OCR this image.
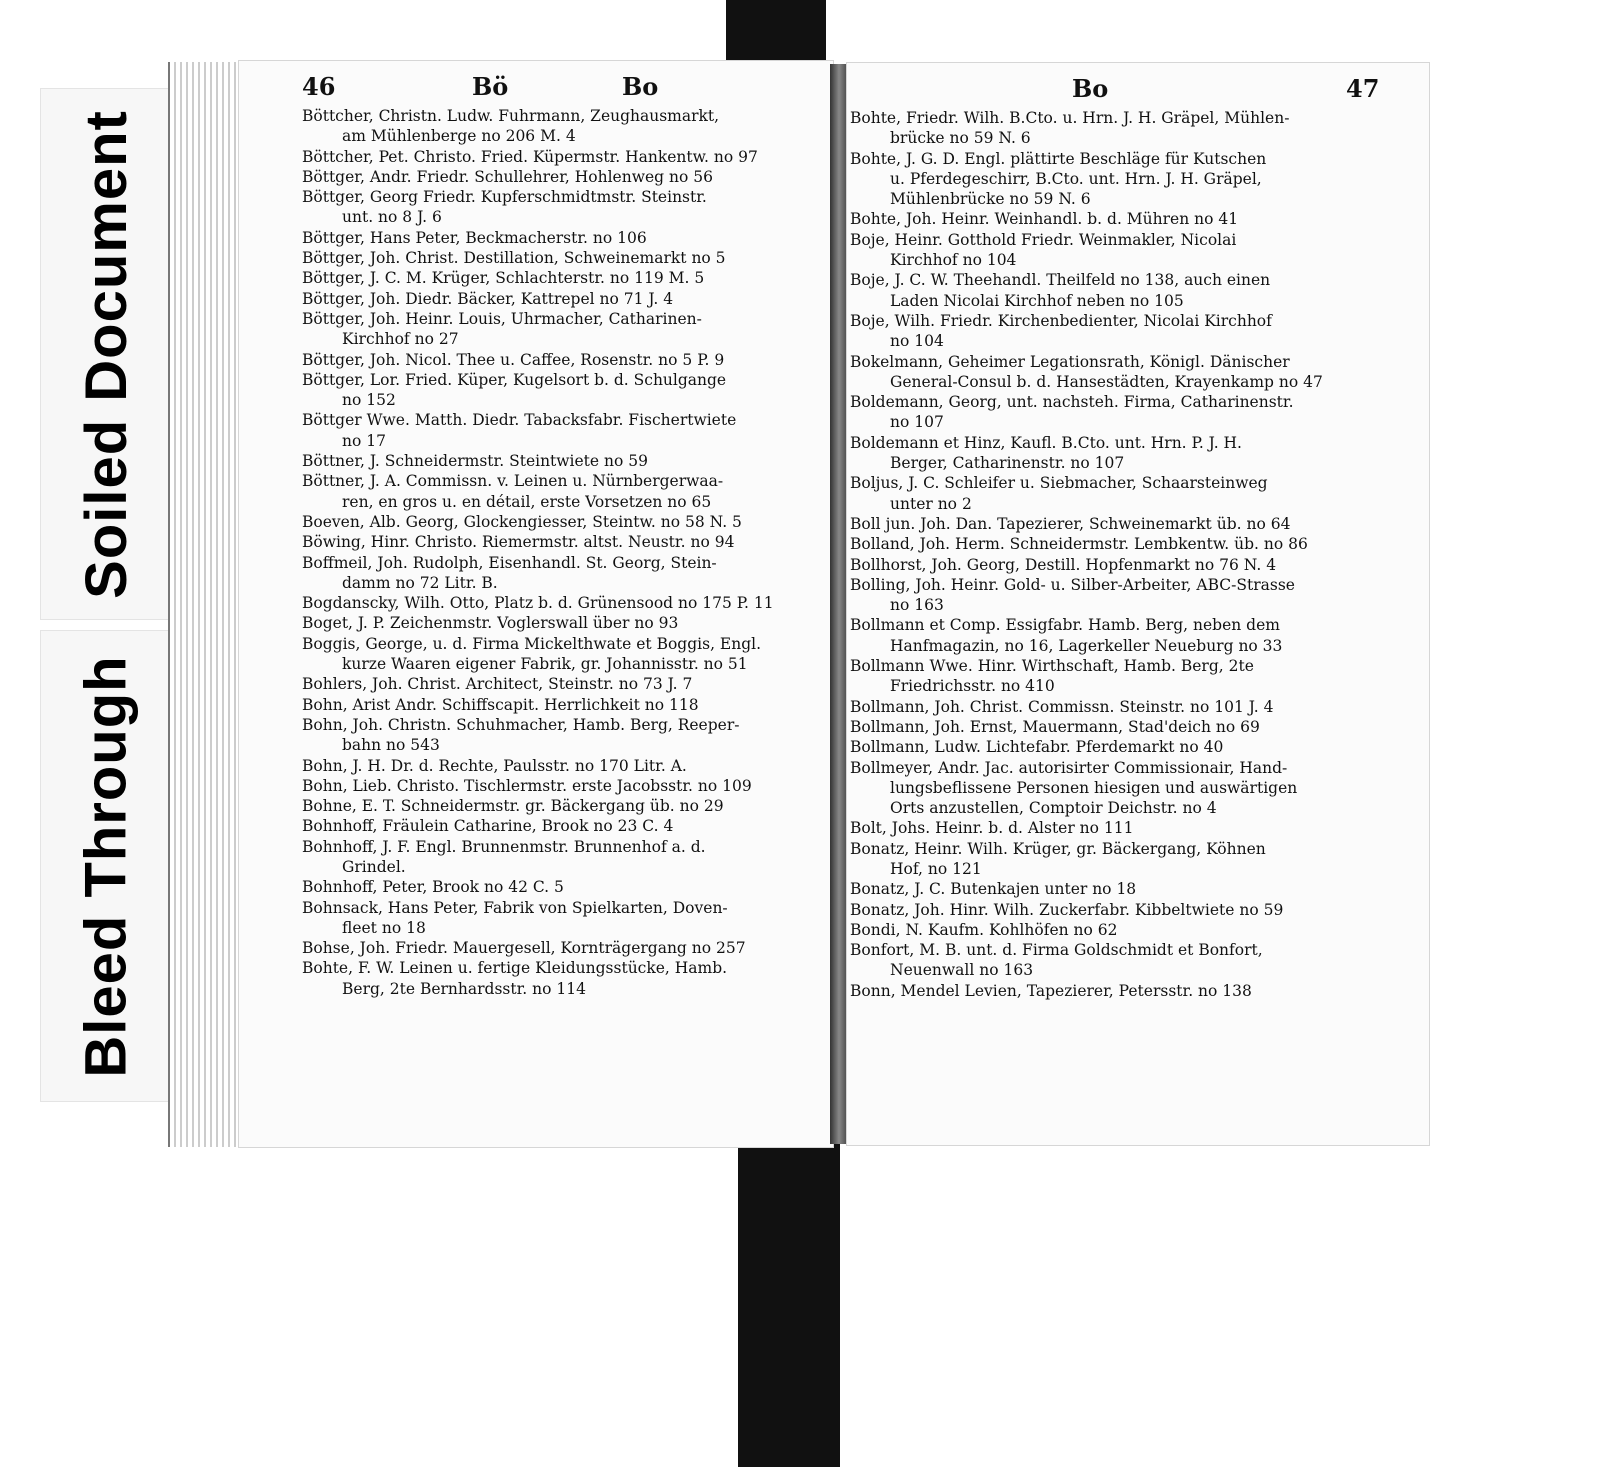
Soiled Document
Bleed Through
46	Bö	Bo
Böttcher, Christn. Ludw. Fuhrmann, Zeughausmarkt,
am Mühlenberge no 206 M. 4
Böttcher, Pet. Christo. Fried. Küpermstr. Hankentw. no 97
Böttger, Andr. Friedr. Schullehrer, Hohlenweg no 56
Böttger, Georg Friedr. Kupferschmidtmstr. Steinstr.
unt. no 8 J. 6
Böttger, Hans Peter, Beckmacherstr. no 106
Böttger, Joh. Christ. Destillation, Schweinemarkt no 5
Böttger, J. C. M. Krüger, Schlachterstr. no 119 M. 5
Böttger, Joh. Diedr. Bäcker, Kattrepel no 71 J. 4
Böttger, Joh. Heinr. Louis, Uhrmacher, Catharinen-
Kirchhof no 27
Böttger, Joh. Nicol. Thee u. Caffee, Rosenstr. no 5 P. 9
Böttger, Lor. Fried. Küper, Kugelsort b. d. Schulgange
no 152
Böttger Wwe. Matth. Diedr. Tabacksfabr. Fischertwiete
no 17
Böttner, J. Schneidermstr. Steintwiete no 59
Böttner, J. A. Commissn. v. Leinen u. Nürnbergerwaa-
ren, en gros u. en détail, erste Vorsetzen no 65
Boeven, Alb. Georg, Glockengiesser, Steintw. no 58 N. 5
Böwing, Hinr. Christo. Riemermstr. altst. Neustr. no 94
Boffmeil, Joh. Rudolph, Eisenhandl. St. Georg, Stein-
damm no 72 Litr. B.
Bogdanscky, Wilh. Otto, Platz b. d. Grünensood no 175 P. 11
Boget, J. P. Zeichenmstr. Voglerswall über no 93
Boggis, George, u. d. Firma Mickelthwate et Boggis, Engl.
kurze Waaren eigener Fabrik, gr. Johannisstr. no 51
Bohlers, Joh. Christ. Architect, Steinstr. no 73 J. 7
Bohn, Arist Andr. Schiffscapit. Herrlichkeit no 118
Bohn, Joh. Christn. Schuhmacher, Hamb. Berg, Reeper-
bahn no 543
Bohn, J. H. Dr. d. Rechte, Paulsstr. no 170 Litr. A.
Bohn, Lieb. Christo. Tischlermstr. erste Jacobsstr. no 109
Bohne, E. T. Schneidermstr. gr. Bäckergang üb. no 29
Bohnhoff, Fräulein Catharine, Brook no 23 C. 4
Bohnhoff, J. F. Engl. Brunnenmstr. Brunnenhof a. d.
Grindel.
Bohnhoff, Peter, Brook no 42 C. 5
Bohnsack, Hans Peter, Fabrik von Spielkarten, Doven-
fleet no 18
Bohse, Joh. Friedr. Mauergesell, Kornträgergang no 257
Bohte, F. W. Leinen u. fertige Kleidungsstücke, Hamb.
Berg, 2te Bernhardsstr. no 114
Bo	47
Bohte, Friedr. Wilh. B.Cto. u. Hrn. J. H. Gräpel, Mühlen-
brücke no 59 N. 6
Bohte, J. G. D. Engl. plättirte Beschläge für Kutschen
u. Pferdegeschirr, B.Cto. unt. Hrn. J. H. Gräpel,
Mühlenbrücke no 59 N. 6
Bohte, Joh. Heinr. Weinhandl. b. d. Mühren no 41
Boje, Heinr. Gotthold Friedr. Weinmakler, Nicolai
Kirchhof no 104
Boje, J. C. W. Theehandl. Theilfeld no 138, auch einen
Laden Nicolai Kirchhof neben no 105
Boje, Wilh. Friedr. Kirchenbedienter, Nicolai Kirchhof
no 104
Bokelmann, Geheimer Legationsrath, Königl. Dänischer
General-Consul b. d. Hansestädten, Krayenkamp no 47
Boldemann, Georg, unt. nachsteh. Firma, Catharinenstr.
no 107
Boldemann et Hinz, Kaufl. B.Cto. unt. Hrn. P. J. H.
Berger, Catharinenstr. no 107
Boljus, J. C. Schleifer u. Siebmacher, Schaarsteinweg
unter no 2
Boll jun. Joh. Dan. Tapezierer, Schweinemarkt üb. no 64
Bolland, Joh. Herm. Schneidermstr. Lembkentw. üb. no 86
Bollhorst, Joh. Georg, Destill. Hopfenmarkt no 76 N. 4
Bolling, Joh. Heinr. Gold- u. Silber-Arbeiter, ABC-Strasse
no 163
Bollmann et Comp. Essigfabr. Hamb. Berg, neben dem
Hanfmagazin, no 16, Lagerkeller Neueburg no 33
Bollmann Wwe. Hinr. Wirthschaft, Hamb. Berg, 2te
Friedrichsstr. no 410
Bollmann, Joh. Christ. Commissn. Steinstr. no 101 J. 4
Bollmann, Joh. Ernst, Mauermann, Stad'deich no 69
Bollmann, Ludw. Lichtefabr. Pferdemarkt no 40
Bollmeyer, Andr. Jac. autorisirter Commissionair, Hand-
lungsbeflissene Personen hiesigen und auswärtigen
Orts anzustellen, Comptoir Deichstr. no 4
Bolt, Johs. Heinr. b. d. Alster no 111
Bonatz, Heinr. Wilh. Krüger, gr. Bäckergang, Köhnen
Hof, no 121
Bonatz, J. C. Butenkajen unter no 18
Bonatz, Joh. Hinr. Wilh. Zuckerfabr. Kibbeltwiete no 59
Bondi, N. Kaufm. Kohlhöfen no 62
Bonfort, M. B. unt. d. Firma Goldschmidt et Bonfort,
Neuenwall no 163
Bonn, Mendel Levien, Tapezierer, Petersstr. no 138
